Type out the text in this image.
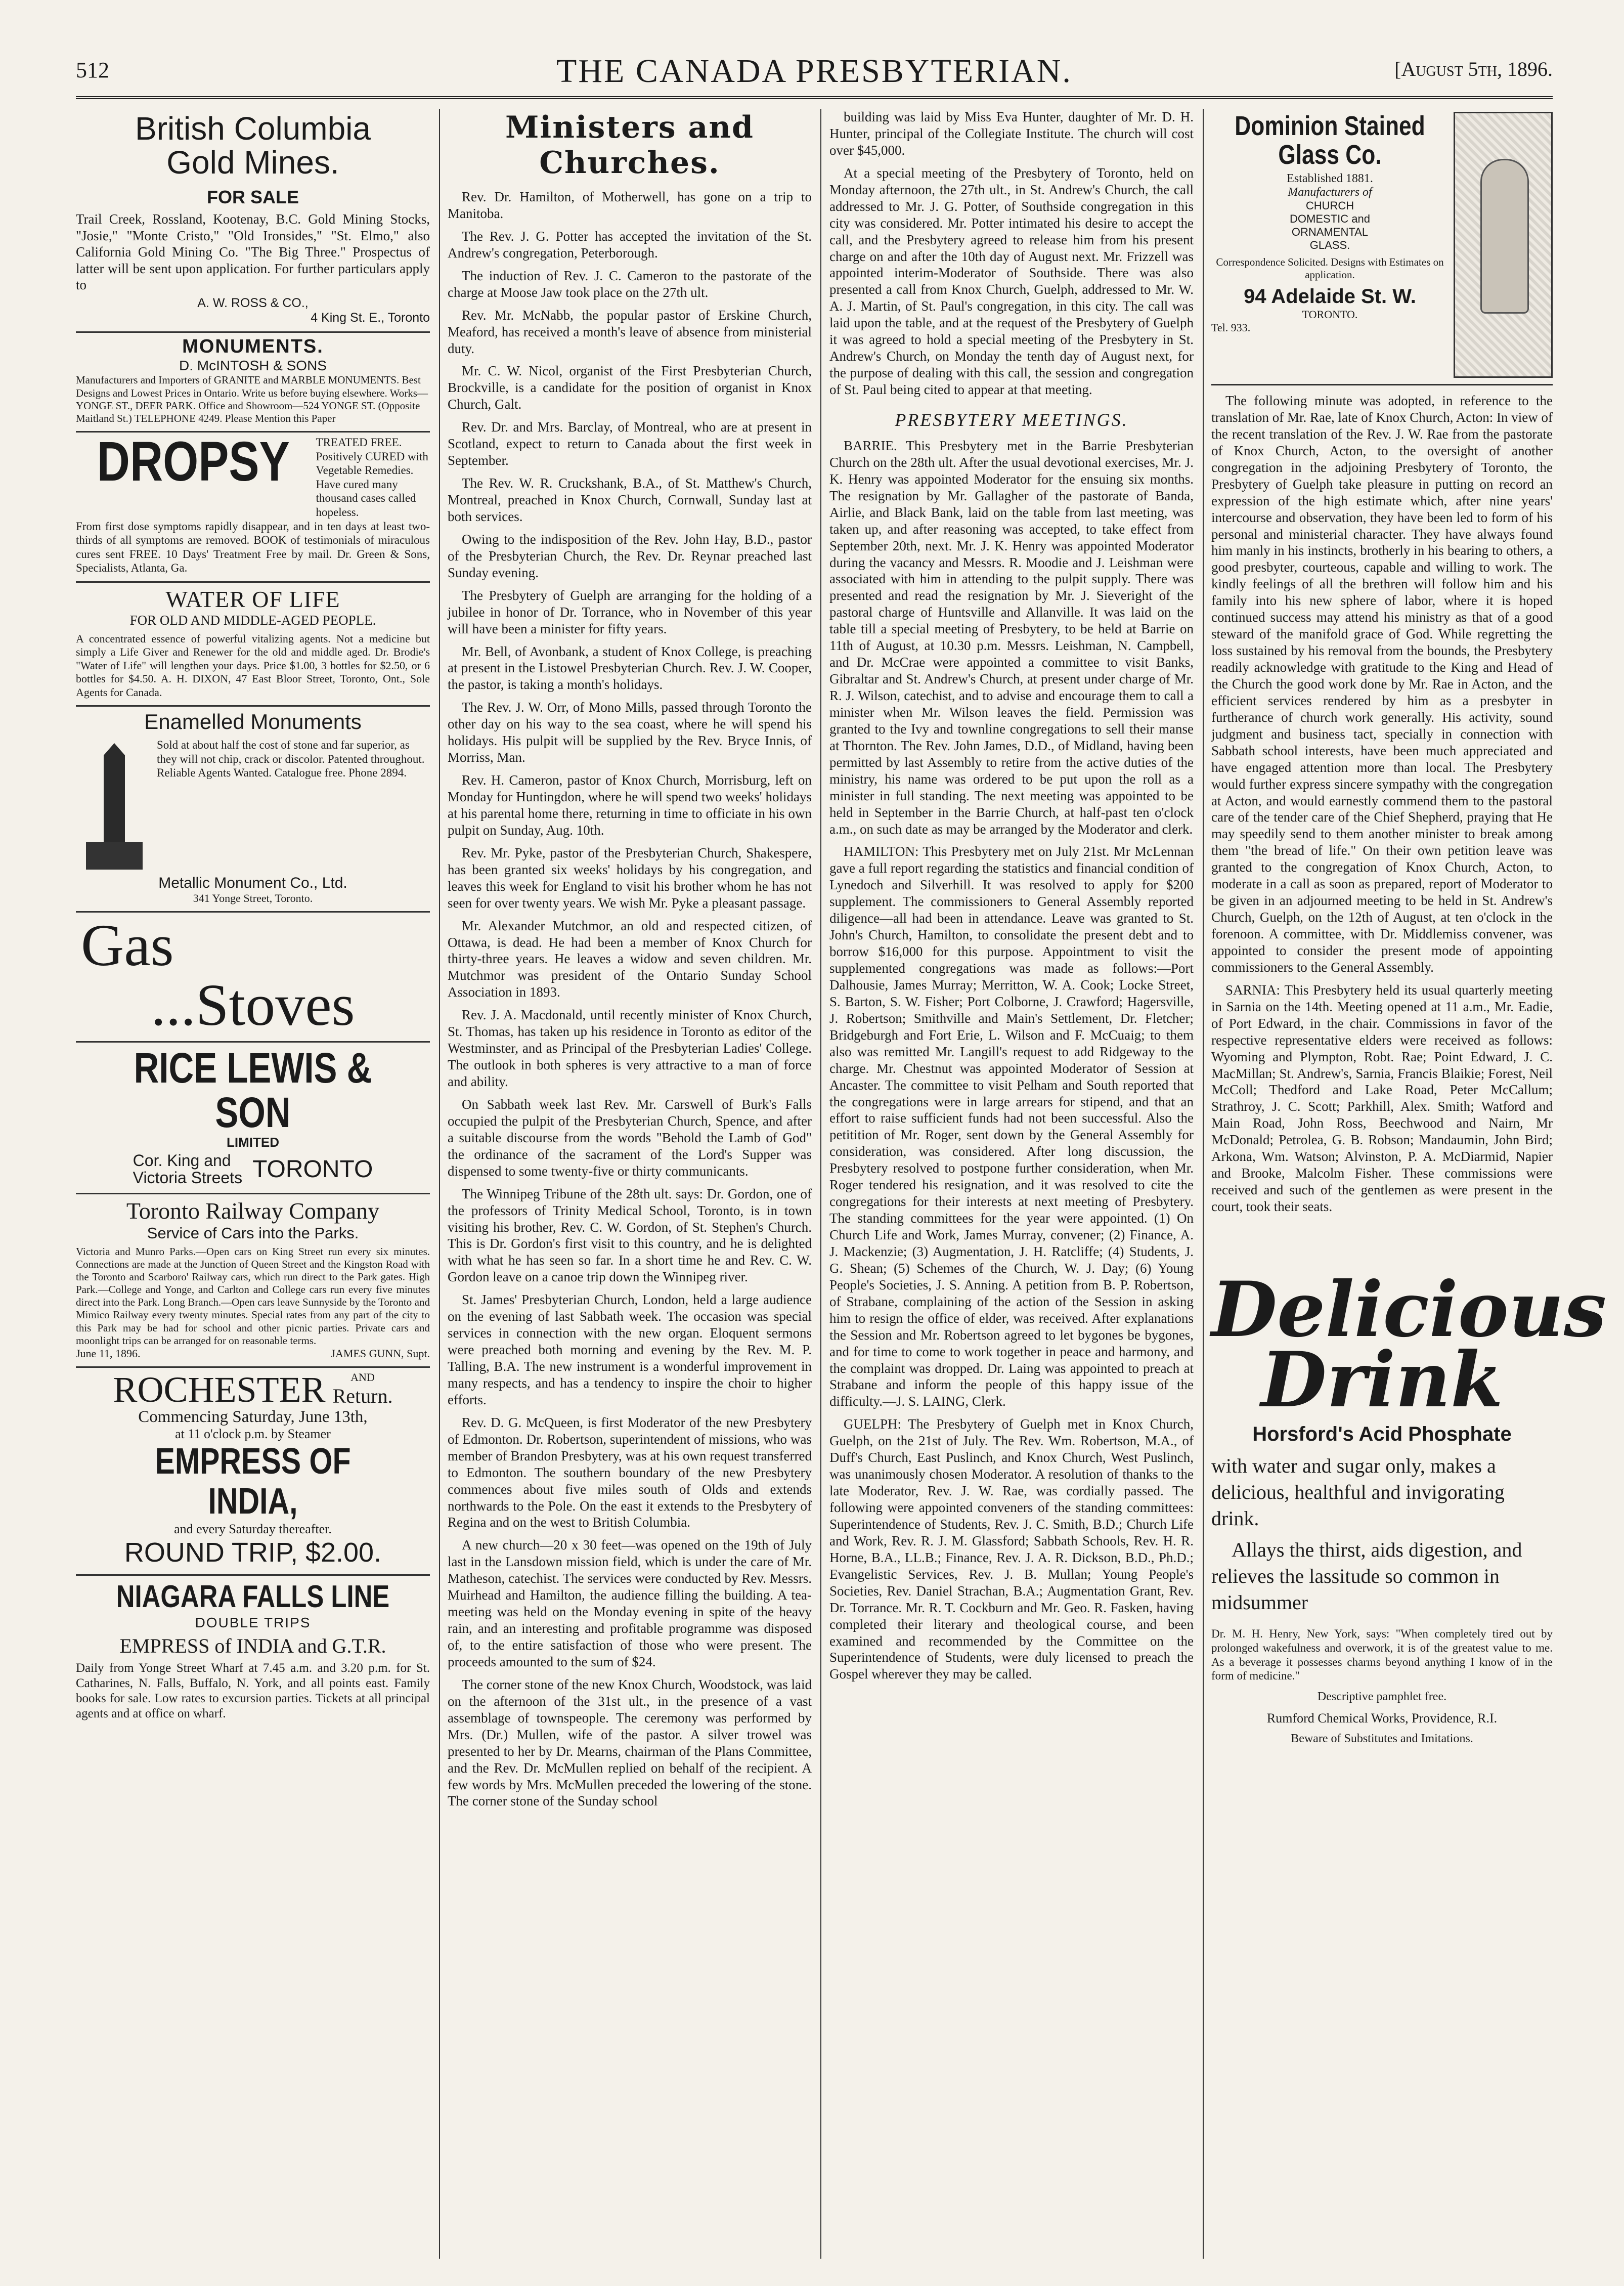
512	THE CANADA PRESBYTERIAN.	[August 5th, 1896.
British Columbia
Gold Mines.
FOR SALE
Trail Creek, Rossland, Kootenay, B.C. Gold Mining Stocks, "Josie," "Monte Cristo," "Old Ironsides," "St. Elmo," also California Gold Mining Co. "The Big Three." Prospectus of latter will be sent upon application. For further particulars apply to
A. W. ROSS & CO.,
4 King St. E., Toronto
MONUMENTS.
D. McINTOSH & SONS
Manufacturers and Importers of GRANITE and MARBLE MONUMENTS. Best Designs and Lowest Prices in Ontario. Write us before buying elsewhere. Works—YONGE ST., DEER PARK. Office and Showroom—524 YONGE ST. (Opposite Maitland St.) TELEPHONE 4249. Please Mention this Paper
DROPSY TREATED FREE. Positively CURED with Vegetable Remedies. Have cured many thousand cases called hopeless.
From first dose symptoms rapidly disappear, and in ten days at least two-thirds of all symptoms are removed. BOOK of testimonials of miraculous cures sent FREE. 10 Days' Treatment Free by mail. Dr. Green & Sons, Specialists, Atlanta, Ga.
WATER OF LIFE
FOR OLD AND MIDDLE-AGED PEOPLE.
A concentrated essence of powerful vitalizing agents. Not a medicine but simply a Life Giver and Renewer for the old and middle aged. Dr. Brodie's "Water of Life" will lengthen your days. Price $1.00, 3 bottles for $2.50, or 6 bottles for $4.50. A. H. DIXON, 47 East Bloor Street, Toronto, Ont., Sole Agents for Canada.
Enamelled Monuments
Sold at about half the cost of stone and far superior, as they will not chip, crack or discolor. Patented throughout. Reliable Agents Wanted. Catalogue free. Phone 2894.
Metallic Monument Co., Ltd.
341 Yonge Street, Toronto.
Gas
...Stoves
RICE LEWIS & SON
LIMITED
Cor. King and
Victoria Streets TORONTO
Toronto Railway Company
Service of Cars into the Parks.
Victoria and Munro Parks.—Open cars on King Street run every six minutes. Connections are made at the Junction of Queen Street and the Kingston Road with the Toronto and Scarboro' Railway cars, which run direct to the Park gates. High Park.—College and Yonge, and Carlton and College cars run every five minutes direct into the Park. Long Branch.—Open cars leave Sunnyside by the Toronto and Mimico Railway every twenty minutes. Special rates from any part of the city to this Park may be had for school and other picnic parties. Private cars and moonlight trips can be arranged for on reasonable terms.
June 11, 1896.	JAMES GUNN, Supt.
ROCHESTER AND
Return.
Commencing Saturday, June 13th,
at 11 o'clock p.m. by Steamer
EMPRESS OF INDIA,
and every Saturday thereafter.
ROUND TRIP, $2.00.
NIAGARA FALLS LINE
DOUBLE TRIPS
EMPRESS of INDIA and G.T.R.
Daily from Yonge Street Wharf at 7.45 a.m. and 3.20 p.m. for St. Catharines, N. Falls, Buffalo, N. York, and all points east. Family books for sale. Low rates to excursion parties. Tickets at all principal agents and at office on wharf.
Ministers and Churches.

Rev. Dr. Hamilton, of Motherwell, has gone on a trip to Manitoba.

The Rev. J. G. Potter has accepted the invitation of the St. Andrew's congregation, Peterborough.

The induction of Rev. J. C. Cameron to the pastorate of the charge at Moose Jaw took place on the 27th ult.

Rev. Mr. McNabb, the popular pastor of Erskine Church, Meaford, has received a month's leave of absence from ministerial duty.

Mr. C. W. Nicol, organist of the First Presbyterian Church, Brockville, is a candidate for the position of organist in Knox Church, Galt.

Rev. Dr. and Mrs. Barclay, of Montreal, who are at present in Scotland, expect to return to Canada about the first week in September.

The Rev. W. R. Cruckshank, B.A., of St. Matthew's Church, Montreal, preached in Knox Church, Cornwall, Sunday last at both services.

Owing to the indisposition of the Rev. John Hay, B.D., pastor of the Presbyterian Church, the Rev. Dr. Reynar preached last Sunday evening.

The Presbytery of Guelph are arranging for the holding of a jubilee in honor of Dr. Torrance, who in November of this year will have been a minister for fifty years.

Mr. Bell, of Avonbank, a student of Knox College, is preaching at present in the Listowel Presbyterian Church. Rev. J. W. Cooper, the pastor, is taking a month's holidays.

The Rev. J. W. Orr, of Mono Mills, passed through Toronto the other day on his way to the sea coast, where he will spend his holidays. His pulpit will be supplied by the Rev. Bryce Innis, of Morriss, Man.

Rev. H. Cameron, pastor of Knox Church, Morrisburg, left on Monday for Huntingdon, where he will spend two weeks' holidays at his parental home there, returning in time to officiate in his own pulpit on Sunday, Aug. 10th.

Rev. Mr. Pyke, pastor of the Presbyterian Church, Shakespere, has been granted six weeks' holidays by his congregation, and leaves this week for England to visit his brother whom he has not seen for over twenty years. We wish Mr. Pyke a pleasant passage.

Mr. Alexander Mutchmor, an old and respected citizen, of Ottawa, is dead. He had been a member of Knox Church for thirty-three years. He leaves a widow and seven children. Mr. Mutchmor was president of the Ontario Sunday School Association in 1893.

Rev. J. A. Macdonald, until recently minister of Knox Church, St. Thomas, has taken up his residence in Toronto as editor of the Westminster, and as Principal of the Presbyterian Ladies' College. The outlook in both spheres is very attractive to a man of force and ability.

On Sabbath week last Rev. Mr. Carswell of Burk's Falls occupied the pulpit of the Presbyterian Church, Spence, and after a suitable discourse from the words "Behold the Lamb of God" the ordinance of the sacrament of the Lord's Supper was dispensed to some twenty-five or thirty communicants.

The Winnipeg Tribune of the 28th ult. says: Dr. Gordon, one of the professors of Trinity Medical School, Toronto, is in town visiting his brother, Rev. C. W. Gordon, of St. Stephen's Church. This is Dr. Gordon's first visit to this country, and he is delighted with what he has seen so far. In a short time he and Rev. C. W. Gordon leave on a canoe trip down the Winnipeg river.

St. James' Presbyterian Church, London, held a large audience on the evening of last Sabbath week. The occasion was special services in connection with the new organ. Eloquent sermons were preached both morning and evening by the Rev. M. P. Talling, B.A. The new instrument is a wonderful improvement in many respects, and has a tendency to inspire the choir to higher efforts.

Rev. D. G. McQueen, is first Moderator of the new Presbytery of Edmonton. Dr. Robertson, superintendent of missions, who was member of Brandon Presbytery, was at his own request transferred to Edmonton. The southern boundary of the new Presbytery commences about five miles south of Olds and extends northwards to the Pole. On the east it extends to the Presbytery of Regina and on the west to British Columbia.

A new church—20 x 30 feet—was opened on the 19th of July last in the Lansdown mission field, which is under the care of Mr. Matheson, catechist. The services were conducted by Rev. Messrs. Muirhead and Hamilton, the audience filling the building. A tea-meeting was held on the Monday evening in spite of the heavy rain, and an interesting and profitable programme was disposed of, to the entire satisfaction of those who were present. The proceeds amounted to the sum of $24.

The corner stone of the new Knox Church, Woodstock, was laid on the afternoon of the 31st ult., in the presence of a vast assemblage of townspeople. The ceremony was performed by Mrs. (Dr.) Mullen, wife of the pastor. A silver trowel was presented to her by Dr. Mearns, chairman of the Plans Committee, and the Rev. Dr. McMullen replied on behalf of the recipient. A few words by Mrs. McMullen preceded the lowering of the stone. The corner stone of the Sunday school

building was laid by Miss Eva Hunter, daughter of Mr. D. H. Hunter, principal of the Collegiate Institute. The church will cost over $45,000.

At a special meeting of the Presbytery of Toronto, held on Monday afternoon, the 27th ult., in St. Andrew's Church, the call addressed to Mr. J. G. Potter, of Southside congregation in this city was considered. Mr. Potter intimated his desire to accept the call, and the Presbytery agreed to release him from his present charge on and after the 10th day of August next. Mr. Frizzell was appointed interim-Moderator of Southside. There was also presented a call from Knox Church, Guelph, addressed to Mr. W. A. J. Martin, of St. Paul's congregation, in this city. The call was laid upon the table, and at the request of the Presbytery of Guelph it was agreed to hold a special meeting of the Presbytery in St. Andrew's Church, on Monday the tenth day of August next, for the purpose of dealing with this call, the session and congregation of St. Paul being cited to appear at that meeting.

PRESBYTERY MEETINGS.

BARRIE. This Presbytery met in the Barrie Presbyterian Church on the 28th ult. After the usual devotional exercises, Mr. J. K. Henry was appointed Moderator for the ensuing six months. The resignation by Mr. Gallagher of the pastorate of Banda, Airlie, and Black Bank, laid on the table from last meeting, was taken up, and after reasoning was accepted, to take effect from September 20th, next. Mr. J. K. Henry was appointed Moderator during the vacancy and Messrs. R. Moodie and J. Leishman were associated with him in attending to the pulpit supply. There was presented and read the resignation by Mr. J. Sieveright of the pastoral charge of Huntsville and Allanville. It was laid on the table till a special meeting of Presbytery, to be held at Barrie on 11th of August, at 10.30 p.m. Messrs. Leishman, N. Campbell, and Dr. McCrae were appointed a committee to visit Banks, Gibraltar and St. Andrew's Church, at present under charge of Mr. R. J. Wilson, catechist, and to advise and encourage them to call a minister when Mr. Wilson leaves the field. Permission was granted to the Ivy and townline congregations to sell their manse at Thornton. The Rev. John James, D.D., of Midland, having been permitted by last Assembly to retire from the active duties of the ministry, his name was ordered to be put upon the roll as a minister in full standing. The next meeting was appointed to be held in September in the Barrie Church, at half-past ten o'clock a.m., on such date as may be arranged by the Moderator and clerk.

HAMILTON: This Presbytery met on July 21st. Mr McLennan gave a full report regarding the statistics and financial condition of Lynedoch and Silverhill. It was resolved to apply for $200 supplement. The commissioners to General Assembly reported diligence—all had been in attendance. Leave was granted to St. John's Church, Hamilton, to consolidate the present debt and to borrow $16,000 for this purpose. Appointment to visit the supplemented congregations was made as follows:—Port Dalhousie, James Murray; Merritton, W. A. Cook; Locke Street, S. Barton, S. W. Fisher; Port Colborne, J. Crawford; Hagersville, J. Robertson; Smithville and Main's Settlement, Dr. Fletcher; Bridgeburgh and Fort Erie, L. Wilson and F. McCuaig; to them also was remitted Mr. Langill's request to add Ridgeway to the charge. Mr. Chestnut was appointed Moderator of Session at Ancaster. The committee to visit Pelham and South reported that the congregations were in large arrears for stipend, and that an effort to raise sufficient funds had not been successful. Also the petitition of Mr. Roger, sent down by the General Assembly for consideration, was considered. After long discussion, the Presbytery resolved to postpone further consideration, when Mr. Roger tendered his resignation, and it was resolved to cite the congregations for their interests at next meeting of Presbytery. The standing committees for the year were appointed. (1) On Church Life and Work, James Murray, convener; (2) Finance, A. J. Mackenzie; (3) Augmentation, J. H. Ratcliffe; (4) Students, J. G. Shean; (5) Schemes of the Church, W. J. Day; (6) Young People's Societies, J. S. Anning. A petition from B. P. Robertson, of Strabane, complaining of the action of the Session in asking him to resign the office of elder, was received. After explanations the Session and Mr. Robertson agreed to let bygones be bygones, and for time to come to work together in peace and harmony, and the complaint was dropped. Dr. Laing was appointed to preach at Strabane and inform the people of this happy issue of the difficulty.—J. S. LAING, Clerk.

GUELPH: The Presbytery of Guelph met in Knox Church, Guelph, on the 21st of July. The Rev. Wm. Robertson, M.A., of Duff's Church, East Puslinch, and Knox Church, West Puslinch, was unanimously chosen Moderator. A resolution of thanks to the late Moderator, Rev. J. W. Rae, was cordially passed. The following were appointed conveners of the standing committees: Superintendence of Students, Rev. J. C. Smith, B.D.; Church Life and Work, Rev. R. J. M. Glassford; Sabbath Schools, Rev. H. R. Horne, B.A., LL.B.; Finance, Rev. J. A. R. Dickson, B.D., Ph.D.; Evangelistic Services, Rev. J. B. Mullan; Young People's Societies, Rev. Daniel Strachan, B.A.; Augmentation Grant, Rev. Dr. Torrance. Mr. R. T. Cockburn and Mr. Geo. R. Fasken, having completed their literary and theological course, and been examined and recommended by the Committee on the Superintendence of Students, were duly licensed to preach the Gospel wherever they may be called.

Dominion Stained
Glass Co.
Established 1881.
Manufacturers of
CHURCH
DOMESTIC and
ORNAMENTAL
GLASS.
Correspondence Solicited. Designs with Estimates on application.
94 Adelaide St. W.
TORONTO.
Tel. 933.

The following minute was adopted, in reference to the translation of Mr. Rae, late of Knox Church, Acton: In view of the recent translation of the Rev. J. W. Rae from the pastorate of Knox Church, Acton, to the oversight of another congregation in the adjoining Presbytery of Toronto, the Presbytery of Guelph take pleasure in putting on record an expression of the high estimate which, after nine years' intercourse and observation, they have been led to form of his personal and ministerial character. They have always found him manly in his instincts, brotherly in his bearing to others, a good presbyter, courteous, capable and willing to work. The kindly feelings of all the brethren will follow him and his family into his new sphere of labor, where it is hoped continued success may attend his ministry as that of a good steward of the manifold grace of God. While regretting the loss sustained by his removal from the bounds, the Presbytery readily acknowledge with gratitude to the King and Head of the Church the good work done by Mr. Rae in Acton, and the efficient services rendered by him as a presbyter in furtherance of church work generally. His activity, sound judgment and business tact, specially in connection with Sabbath school interests, have been much appreciated and have engaged attention more than local. The Presbytery would further express sincere sympathy with the congregation at Acton, and would earnestly commend them to the pastoral care of the tender care of the Chief Shepherd, praying that He may speedily send to them another minister to break among them "the bread of life." On their own petition leave was granted to the congregation of Knox Church, Acton, to moderate in a call as soon as prepared, report of Moderator to be given in an adjourned meeting to be held in St. Andrew's Church, Guelph, on the 12th of August, at ten o'clock in the forenoon. A committee, with Dr. Middlemiss convener, was appointed to consider the present mode of appointing commissioners to the General Assembly.

SARNIA: This Presbytery held its usual quarterly meeting in Sarnia on the 14th. Meeting opened at 11 a.m., Mr. Eadie, of Port Edward, in the chair. Commissions in favor of the respective representative elders were received as follows: Wyoming and Plympton, Robt. Rae; Point Edward, J. C. MacMillan; St. Andrew's, Sarnia, Francis Blaikie; Forest, Neil McColl; Thedford and Lake Road, Peter McCallum; Strathroy, J. C. Scott; Parkhill, Alex. Smith; Watford and Main Road, John Ross, Beechwood and Nairn, Mr McDonald; Petrolea, G. B. Robson; Mandaumin, John Bird; Arkona, Wm. Watson; Alvinston, P. A. McDiarmid, Napier and Brooke, Malcolm Fisher. These commissions were received and such of the gentlemen as were present in the court, took their seats.

Delicious
Drink
Horsford's Acid Phosphate
with water and sugar only, makes a delicious, healthful and invigorating drink.
Allays the thirst, aids digestion, and relieves the lassitude so common in midsummer
Dr. M. H. Henry, New York, says: "When completely tired out by prolonged wakefulness and overwork, it is of the greatest value to me. As a beverage it possesses charms beyond anything I know of in the form of medicine."
Descriptive pamphlet free.
Rumford Chemical Works, Providence, R.I.
Beware of Substitutes and Imitations.
